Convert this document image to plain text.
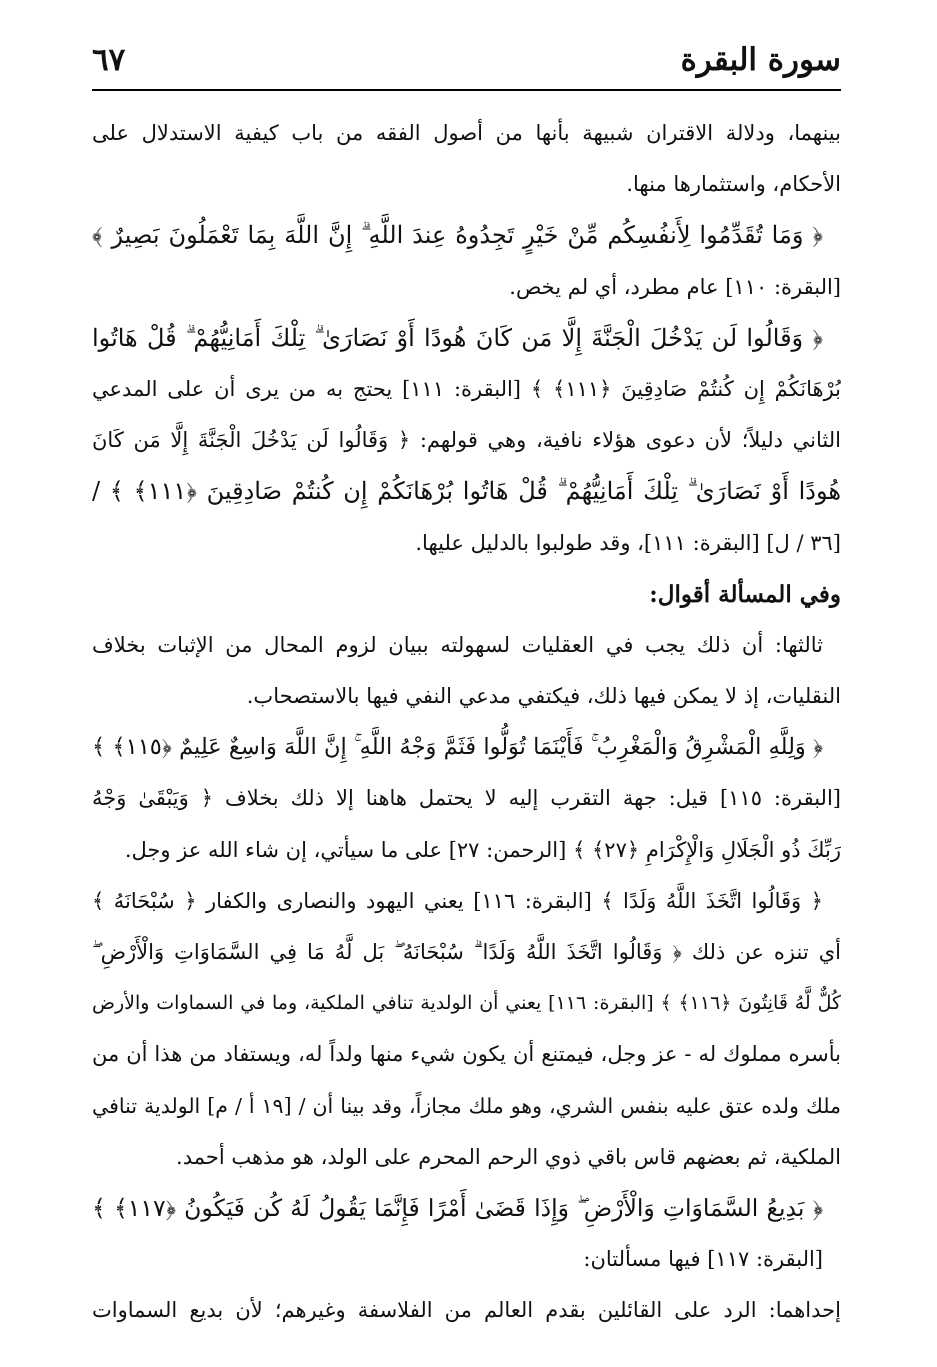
سورة البقرة
٦٧
بينهما، ودلالة الاقتران شبيهة بأنها من أصول الفقه من باب كيفية الاستدلال على
الأحكام، واستثمارها منها.
﴿ وَمَا تُقَدِّمُوا لِأَنفُسِكُم مِّنْ خَيْرٍ تَجِدُوهُ عِندَ اللَّهِ ۗ إِنَّ اللَّهَ بِمَا تَعْمَلُونَ بَصِيرٌ ﴾
[البقرة: ١١٠] عام مطرد، أي لم يخص.
﴿ وَقَالُوا لَن يَدْخُلَ الْجَنَّةَ إِلَّا مَن كَانَ هُودًا أَوْ نَصَارَىٰ ۗ تِلْكَ أَمَانِيُّهُمْ ۗ قُلْ هَاتُوا
بُرْهَانَكُمْ إِن كُنتُمْ صَادِقِينَ ﴿١١١﴾ ﴾ [البقرة: ١١١] يحتج به من يرى أن على المدعي
الثاني دليلاً؛ لأن دعوى هؤلاء نافية، وهي قولهم: ﴿ وَقَالُوا لَن يَدْخُلَ الْجَنَّةَ إِلَّا مَن كَانَ
هُودًا أَوْ نَصَارَىٰ ۗ تِلْكَ أَمَانِيُّهُمْ ۗ قُلْ هَاتُوا بُرْهَانَكُمْ إِن كُنتُمْ صَادِقِينَ ﴿١١١﴾ ﴾ /
[٣٦ / ل] [البقرة: ١١١]، وقد طولبوا بالدليل عليها.
وفي المسألة أقوال:
ثالثها: أن ذلك يجب في العقليات لسهولته ببيان لزوم المحال من الإثبات بخلاف
النقليات، إذ لا يمكن فيها ذلك، فيكتفي مدعي النفي فيها بالاستصحاب.
﴿ وَلِلَّهِ الْمَشْرِقُ وَالْمَغْرِبُ ۚ فَأَيْنَمَا تُوَلُّوا فَثَمَّ وَجْهُ اللَّهِ ۚ إِنَّ اللَّهَ وَاسِعٌ عَلِيمٌ ﴿١١٥﴾ ﴾
[البقرة: ١١٥] قيل: جهة التقرب إليه لا يحتمل هاهنا إلا ذلك بخلاف ﴿ وَيَبْقَىٰ وَجْهُ
رَبِّكَ ذُو الْجَلَالِ وَالْإِكْرَامِ ﴿٢٧﴾ ﴾ [الرحمن: ٢٧] على ما سيأتي، إن شاء الله عز وجل.
﴿ وَقَالُوا اتَّخَذَ اللَّهُ وَلَدًا ﴾ [البقرة: ١١٦] يعني اليهود والنصارى والكفار ﴿ سُبْحَانَهُ ﴾
أي تنزه عن ذلك ﴿ وَقَالُوا اتَّخَذَ اللَّهُ وَلَدًا ۗ سُبْحَانَهُ ۖ بَل لَّهُ مَا فِي السَّمَاوَاتِ وَالْأَرْضِ ۖ
كُلٌّ لَّهُ قَانِتُونَ ﴿١١٦﴾ ﴾ [البقرة: ١١٦] يعني أن الولدية تنافي الملكية، وما في السماوات والأرض
بأسره مملوك له - عز وجل، فيمتنع أن يكون شيء منها ولداً له، ويستفاد من هذا أن من
ملك ولده عتق عليه بنفس الشري، وهو ملك مجازاً، وقد بينا أن / [١٩ أ / م] الولدية تنافي
الملكية، ثم بعضهم قاس باقي ذوي الرحم المحرم على الولد، هو مذهب أحمد.
﴿ بَدِيعُ السَّمَاوَاتِ وَالْأَرْضِ ۖ وَإِذَا قَضَىٰ أَمْرًا فَإِنَّمَا يَقُولُ لَهُ كُن فَيَكُونُ ﴿١١٧﴾ ﴾
[البقرة: ١١٧] فيها مسألتان:
إحداهما: الرد على القائلين بقدم العالم من الفلاسفة وغيرهم؛ لأن بديع السماوات
